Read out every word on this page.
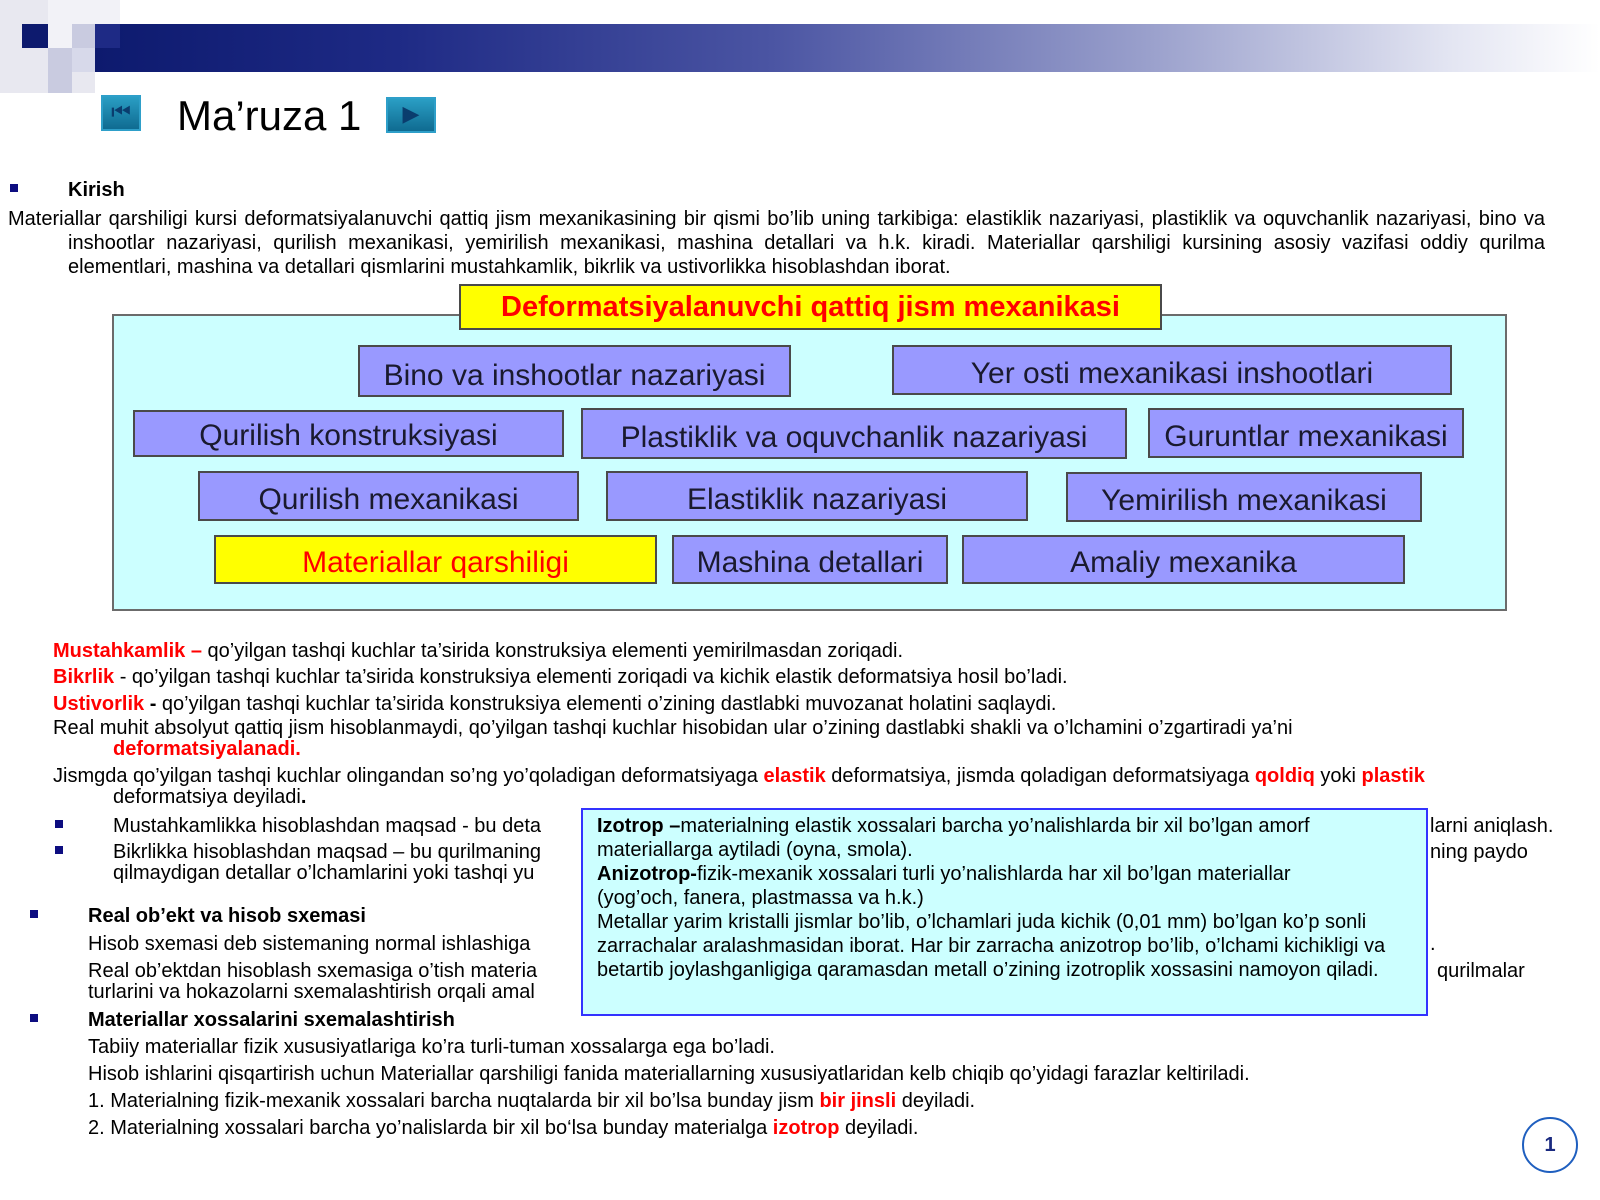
⏮ Ma’ruza 1	▶
Kirish
Materiallar qarshiligi kursi deformatsiyalanuvchi qattiq jism mexanikasining bir qismi bo’lib uning tarkibiga: elastiklik nazariyasi, plastiklik va oquvchanlik nazariyasi, bino va inshootlar nazariyasi, qurilish mexanikasi, yemirilish mexanikasi, mashina detallari va h.k. kiradi. Materiallar qarshiligi kursining asosiy vazifasi oddiy qurilma elementlari, mashina va detallari qismlarini mustahkamlik, bikrlik va ustivorlikka hisoblashdan iborat.
Deformatsiyalanuvchi qattiq jism mexanikasi
Bino va inshootlar nazariyasi	Yer osti mexanikasi inshootlari
Qurilish konstruksiyasi	Plastiklik va oquvchanlik nazariyasi	Guruntlar mexanikasi
Qurilish mexanikasi	Elastiklik nazariyasi	Yemirilish mexanikasi
Materiallar qarshiligi	Mashina detallari	Amaliy mexanika
Mustahkamlik – qo’yilgan tashqi kuchlar ta’sirida konstruksiya elementi yemirilmasdan zoriqadi.
Bikrlik - qo’yilgan tashqi kuchlar ta’sirida konstruksiya elementi zoriqadi va kichik elastik deformatsiya hosil bo’ladi.
Ustivorlik - qo’yilgan tashqi kuchlar ta’sirida konstruksiya elementi o’zining dastlabki muvozanat holatini saqlaydi.
Real muhit absolyut qattiq jism hisoblanmaydi, qo’yilgan tashqi kuchlar hisobidan ular o’zining dastlabki shakli va o’lchamini o’zgartiradi ya’ni
deformatsiyalanadi.
Jismgda qo’yilgan tashqi kuchlar olingandan so’ng yo’qoladigan deformatsiyaga elastik deformatsiya, jismda qoladigan deformatsiyaga qoldiq yoki plastik
deformatsiya deyiladi.
Mustahkamlikka hisoblashdan maqsad - bu deta	larni aniqlash.
Bikrlikka hisoblashdan maqsad – bu qurilmaning	ning paydo
qilmaydigan detallar o’lchamlarini yoki tashqi yu
Real ob’ekt va hisob sxemasi
Hisob sxemasi deb sistemaning normal ishlashiga	.
Real ob’ektdan hisoblash sxemasiga o’tish materia	qurilmalar
turlarini va hokazolarni sxemalashtirish orqali amal
Izotrop –materialning elastik xossalari barcha yo’nalishlarda bir xil bo’lgan amorf materiallarga aytiladi (oyna, smola).
Anizotrop-fizik-mexanik xossalari turli yo’nalishlarda har xil bo’lgan materiallar
(yog’och, fanera, plastmassa va h.k.)
Metallar yarim kristalli jismlar bo’lib, o’lchamlari juda kichik (0,01 mm) bo’lgan ko’p sonli zarrachalar aralashmasidan iborat. Har bir zarracha anizotrop bo’lib, o’lchami kichikligi va betartib joylashganligiga qaramasdan metall o’zining izotroplik xossasini namoyon qiladi.
Materiallar xossalarini sxemalashtirish
Tabiiy materiallar fizik xususiyatlariga ko’ra turli-tuman xossalarga ega bo’ladi.
Hisob ishlarini qisqartirish uchun Materiallar qarshiligi fanida materiallarning xususiyatlaridan kelb chiqib qo’yidagi farazlar keltiriladi.
1. Materialning fizik-mexanik xossalari barcha nuqtalarda bir xil bo’lsa bunday jism bir jinsli deyiladi.
2. Materialning xossalari barcha yo’nalislarda bir xil bo‘lsa bunday materialga izotrop deyiladi.
1
